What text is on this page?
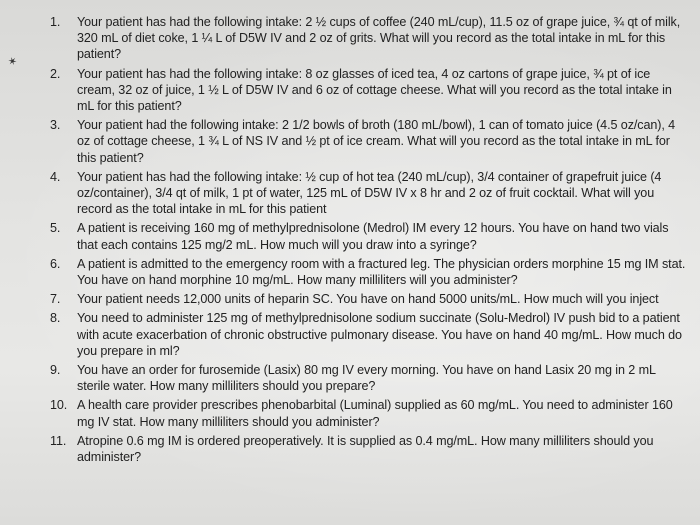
✶
1. Your patient has had the following intake: 2 ½ cups of coffee (240 mL/cup), 11.5 oz of grape juice, ¾ qt of milk, 320 mL of diet coke, 1 ¼ L of D5W IV and 2 oz of grits. What will you record as the total intake in mL for this patient?
2. Your patient has had the following intake: 8 oz glasses of iced tea, 4 oz cartons of grape juice, ¾ pt of ice cream, 32 oz of juice, 1 ½ L of D5W IV and 6 oz of cottage cheese. What will you record as the total intake in mL for this patient?
3. Your patient had the following intake: 2 1/2 bowls of broth (180 mL/bowl), 1 can of tomato juice (4.5 oz/can), 4 oz of cottage cheese, 1 ¾ L of NS IV and ½ pt of ice cream. What will you record as the total intake in mL for this patient?
4. Your patient has had the following intake: ½ cup of hot tea (240 mL/cup), 3/4 container of grapefruit juice (4 oz/container), 3/4 qt of milk, 1 pt of water, 125 mL of D5W IV x 8 hr and 2 oz of fruit cocktail. What will you record as the total intake in mL for this patient
5. A patient is receiving 160 mg of methylprednisolone (Medrol) IM every 12 hours. You have on hand two vials that each contains 125 mg/2 mL. How much will you draw into a syringe?
6. A patient is admitted to the emergency room with a fractured leg. The physician orders morphine 15 mg IM stat. You have on hand morphine 10 mg/mL. How many milliliters will you administer?
7. Your patient needs 12,000 units of heparin SC. You have on hand 5000 units/mL. How much will you inject
8. You need to administer 125 mg of methylprednisolone sodium succinate (Solu-Medrol) IV push bid to a patient with acute exacerbation of chronic obstructive pulmonary disease. You have on hand 40 mg/mL. How much do you prepare in ml?
9. You have an order for furosemide (Lasix) 80 mg IV every morning. You have on hand Lasix 20 mg in 2 mL sterile water. How many milliliters should you prepare?
10. A health care provider prescribes phenobarbital (Luminal) supplied as 60 mg/mL. You need to administer 160 mg IV stat. How many milliliters should you administer?
11. Atropine 0.6 mg IM is ordered preoperatively. It is supplied as 0.4 mg/mL. How many milliliters should you administer?
